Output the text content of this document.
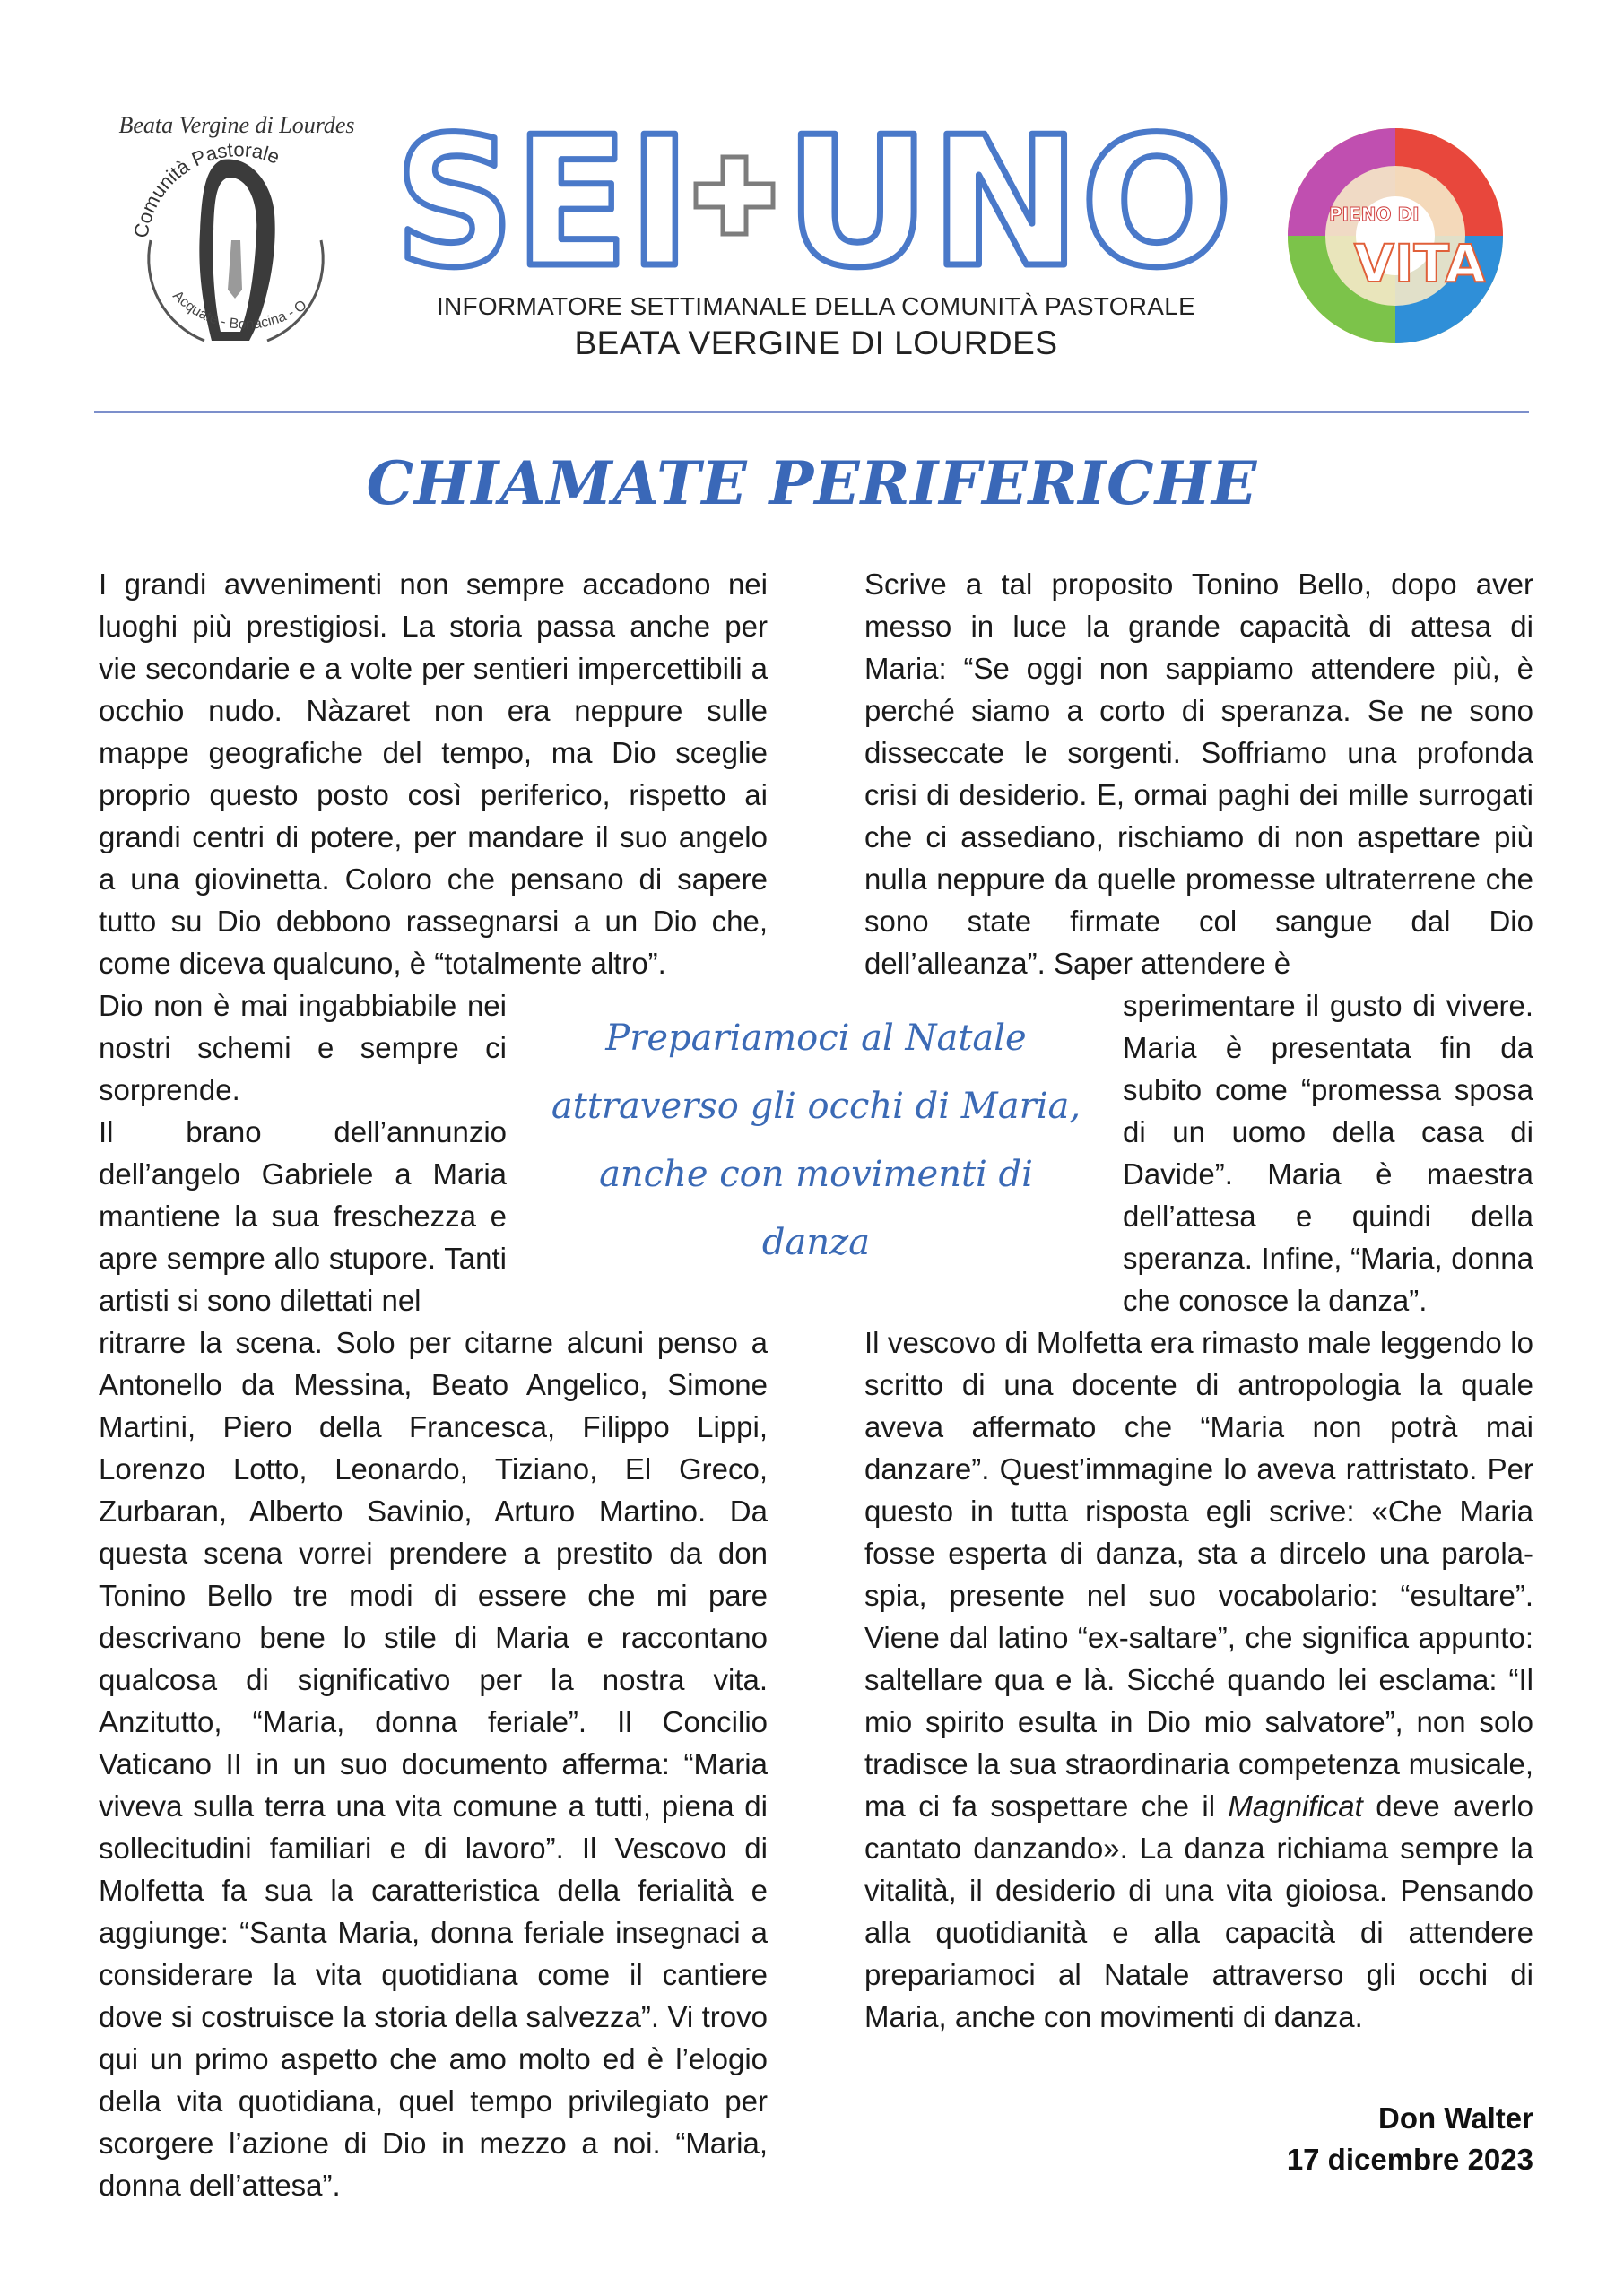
Comunità Pastorale
Beata Vergine di Lourdes
Acquate - Bonacina - O SEI UNO
INFORMATORE SETTIMANALE DELLA COMUNITÀ PASTORALE
BEATA VERGINE DI LOURDES
PIENO DI
VITA
CHIAMATE PERIFERICHE
I grandi avvenimenti non sempre accadono nei luoghi più prestigiosi. La storia passa anche per vie secondarie e a volte per sentieri impercettibili a occhio nudo. Nàzaret non era neppure sulle mappe geografiche del tempo, ma Dio sceglie proprio questo posto così periferico, rispetto ai grandi centri di potere, per mandare il suo angelo a una giovinetta. Coloro che pensano di sapere tutto su Dio debbono rassegnarsi a un Dio che, come diceva qualcuno, è “totalmente altro”.
Dio non è mai ingabbiabile nei nostri schemi e sempre ci sorprende.
Il brano dell’annunzio dell’angelo Gabriele a Maria mantiene la sua freschezza e apre sempre allo stupore. Tanti artisti si sono dilettati nel
ritrarre la scena. Solo per citarne alcuni penso a Antonello da Messina, Beato Angelico, Simone Martini, Piero della Francesca, Filippo Lippi, Lorenzo Lotto, Leonardo, Tiziano, El Greco, Zurbaran, Alberto Savinio, Arturo Martino. Da questa scena vorrei prendere a prestito da don Tonino Bello tre modi di essere che mi pare descrivano bene lo stile di Maria e raccontano qualcosa di significativo per la nostra vita. Anzitutto, “Maria, donna feriale”. Il Concilio Vaticano II in un suo documento afferma: “Maria viveva sulla terra una vita comune a tutti, piena di sollecitudini familiari e di lavoro”. Il Vescovo di Molfetta fa sua la caratteristica della ferialità e aggiunge: “Santa Maria, donna feriale insegnaci a considerare la vita quotidiana come il cantiere dove si costruisce la storia della salvezza”. Vi trovo qui un primo aspetto che amo molto ed è l’elogio della vita quotidiana, quel tempo privilegiato per scorgere l’azione di Dio in mezzo a noi. “Maria, donna dell’attesa”.
Prepariamoci al Natale attraverso gli occhi di Maria, anche con movimenti di danza
Scrive a tal proposito Tonino Bello, dopo aver messo in luce la grande capacità di attesa di Maria: “Se oggi non sappiamo attendere più, è perché siamo a corto di speranza. Se ne sono disseccate le sorgenti. Soffriamo una profonda crisi di desiderio. E, ormai paghi dei mille surrogati che ci assediano, rischiamo di non aspettare più nulla neppure da quelle promesse ultraterrene che sono state firmate col sangue dal Dio dell’alleanza”. Saper attendere è
sperimentare il gusto di vivere. Maria è presentata fin da subito come “promessa sposa di un uomo della casa di Davide”. Maria è maestra dell’attesa e quindi della speranza. Infine, “Maria, donna che conosce la danza”.
Il vescovo di Molfetta era rimasto male leggendo lo scritto di una docente di antropologia la quale aveva affermato che “Maria non potrà mai danzare”. Quest’immagine lo aveva rattristato. Per questo in tutta risposta egli scrive: «Che Maria fosse esperta di danza, sta a dircelo una parola-spia, presente nel suo vocabolario: “esultare”. Viene dal latino “ex-saltare”, che significa appunto: saltellare qua e là. Sicché quando lei esclama: “Il mio spirito esulta in Dio mio salvatore”, non solo tradisce la sua straordinaria competenza musicale, ma ci fa sospettare che il Magnificat deve averlo cantato danzando». La danza richiama sempre la vitalità, il desiderio di una vita gioiosa. Pensando alla quotidianità e alla capacità di attendere prepariamoci al Natale attraverso gli occhi di Maria, anche con movimenti di danza.
Don Walter
17 dicembre 2023
